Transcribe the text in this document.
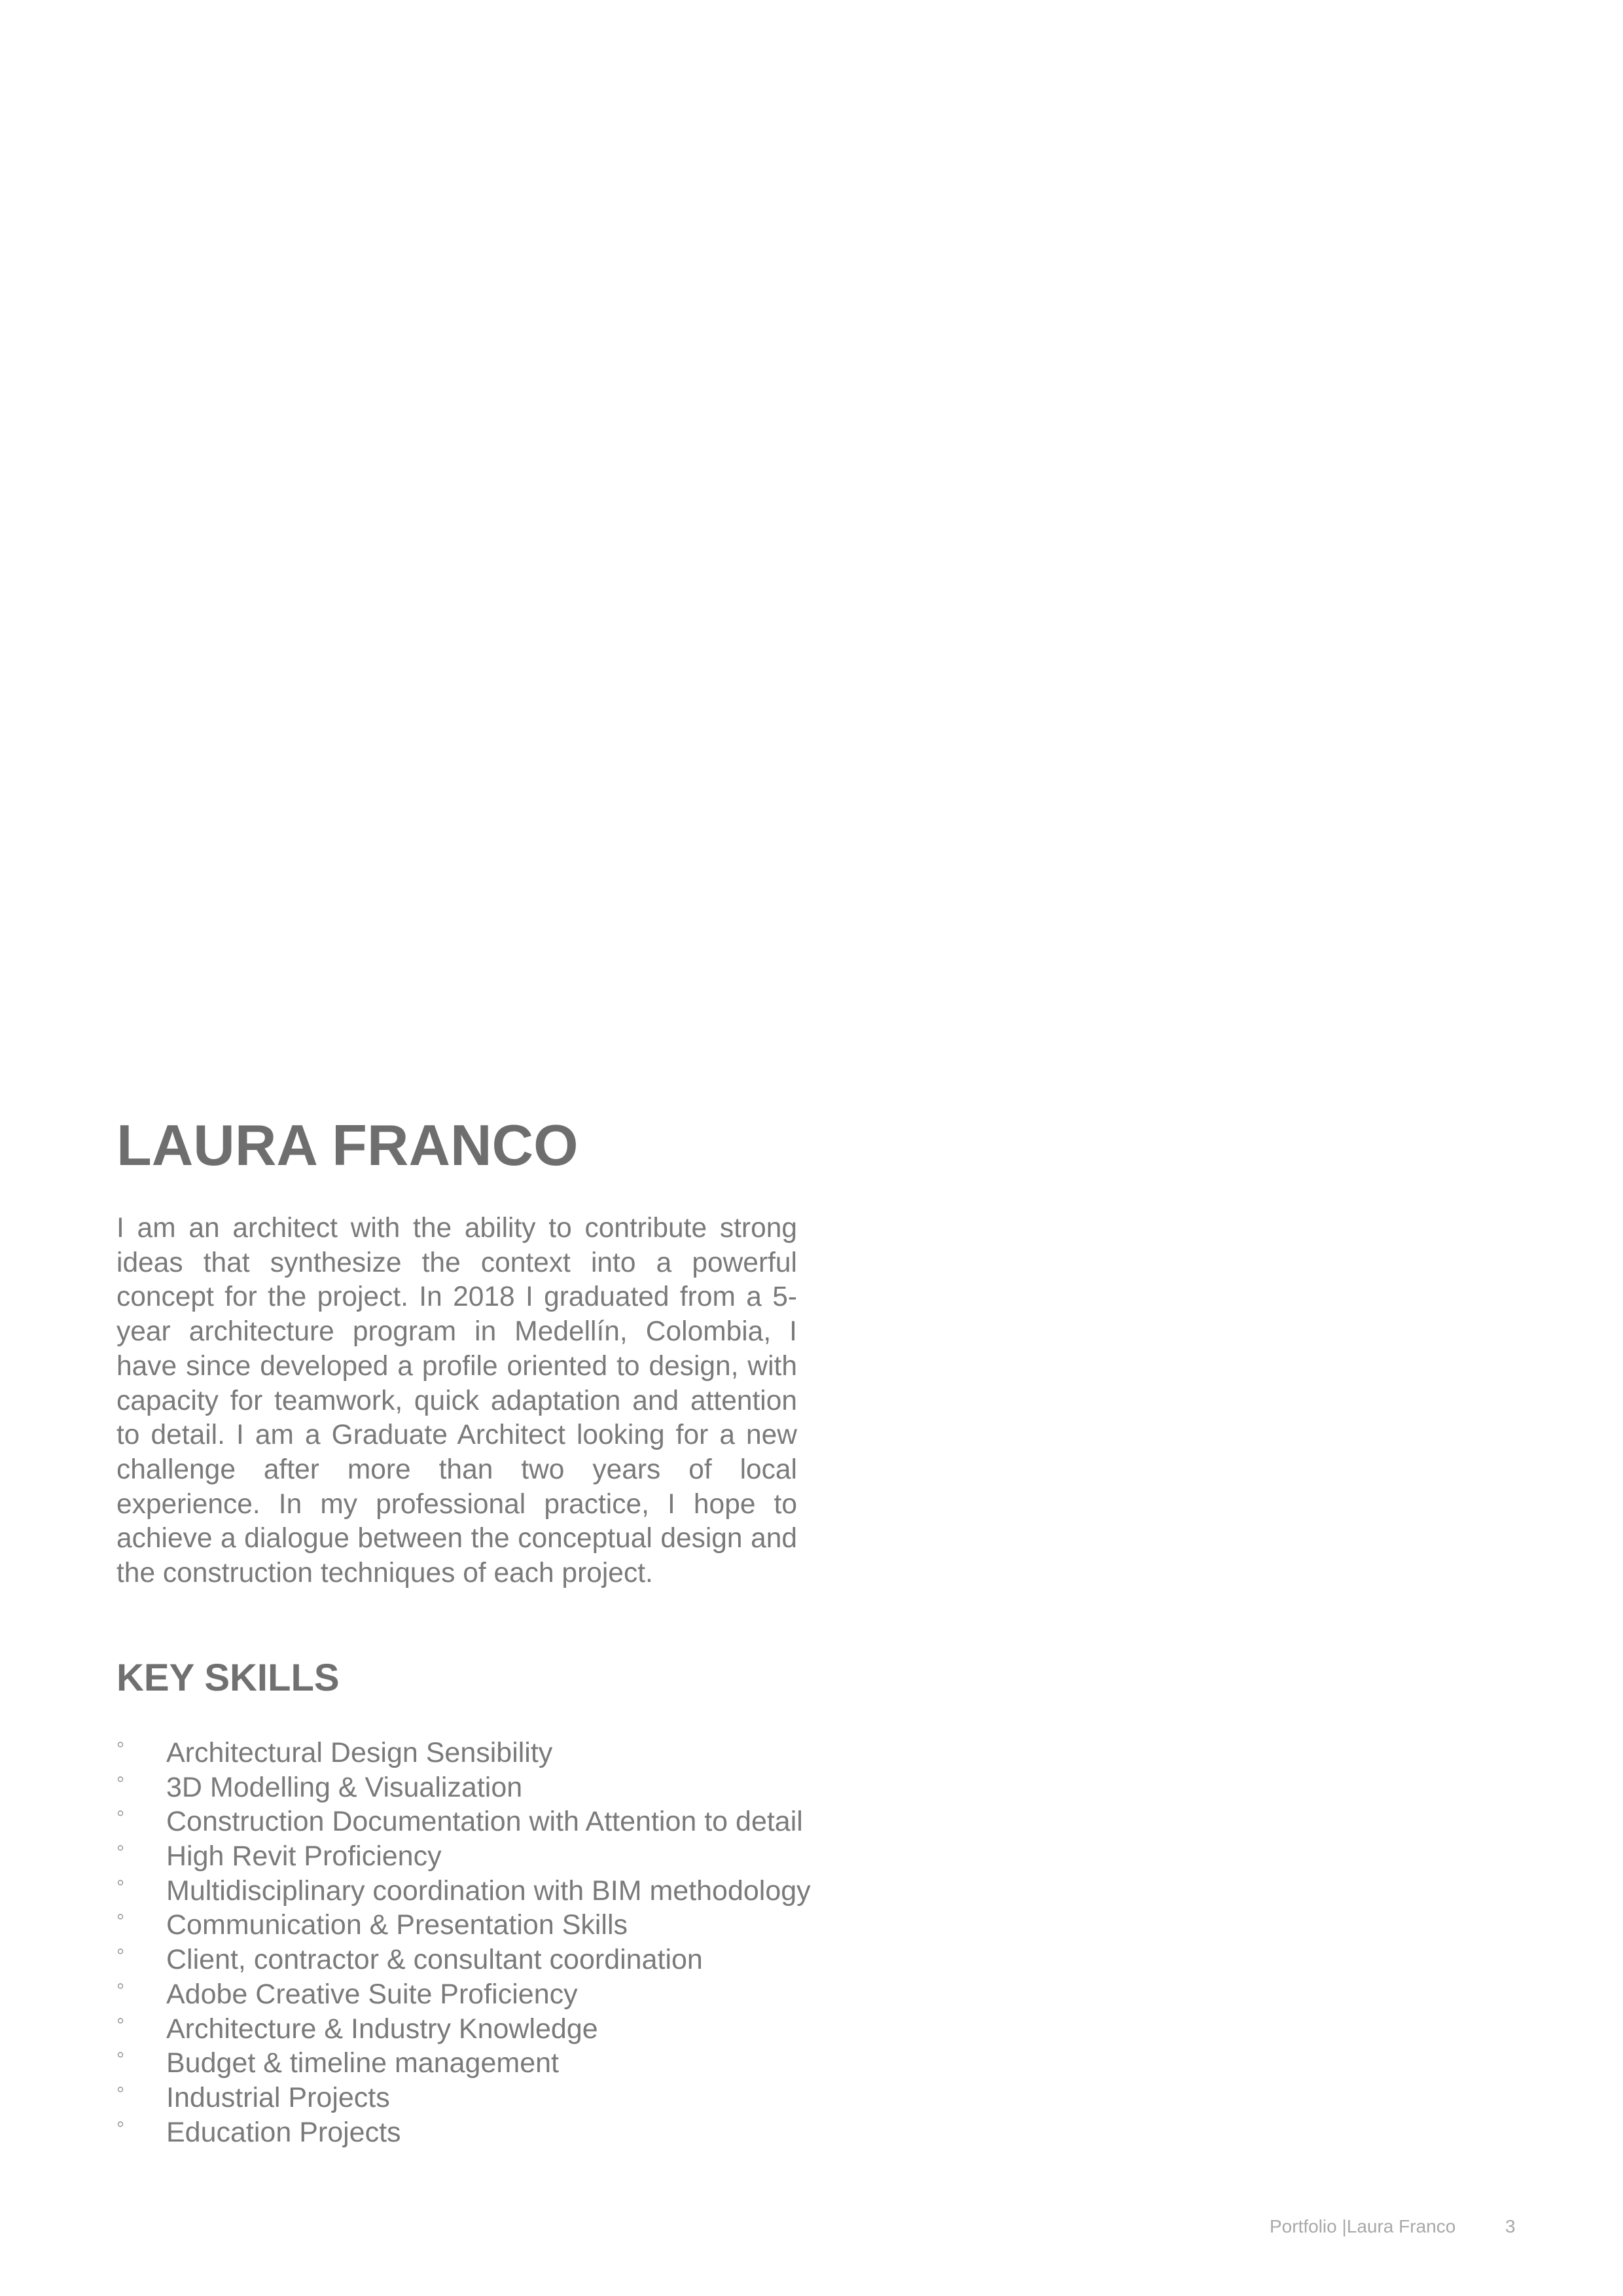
LAURA FRANCO

I am an architect with the ability to contribute strong ideas that synthesize the context into a powerful concept for the project. In 2018 I graduated from a 5-year architecture program in Medellín, Colombia, I have since developed a profile oriented to design, with capacity for teamwork, quick adaptation and attention to detail. I am a Graduate Architect looking for a new challenge after more than two years of local experience. In my professional practice, I hope to achieve a dialogue between the conceptual design and the construction techniques of each project.

KEY SKILLS
◦ Architectural Design Sensibility
◦ 3D Modelling & Visualization
◦ Construction Documentation with Attention to detail
◦ High Revit Proficiency
◦ Multidisciplinary coordination with BIM methodology
◦ Communication & Presentation Skills
◦ Client, contractor & consultant coordination
◦ Adobe Creative Suite Proficiency
◦ Architecture & Industry Knowledge
◦ Budget & timeline management
◦ Industrial Projects
◦ Education Projects
Portfolio |Laura Franco	3
